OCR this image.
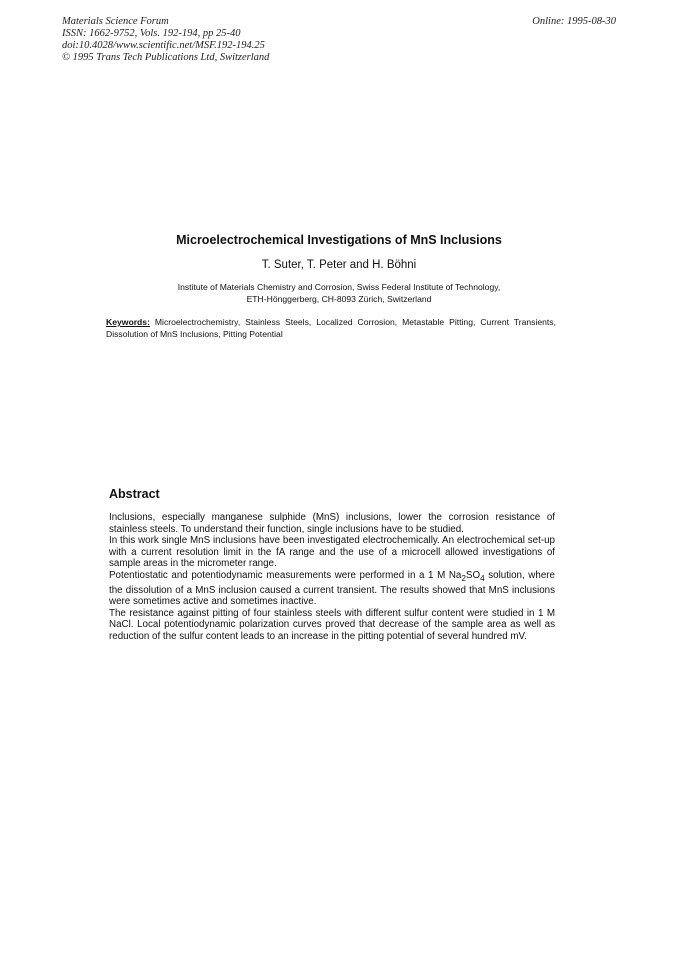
Materials Science Forum
ISSN: 1662-9752, Vols. 192-194, pp 25-40
doi:10.4028/www.scientific.net/MSF.192-194.25
© 1995 Trans Tech Publications Ltd, Switzerland
Online: 1995-08-30
Microelectrochemical Investigations of MnS Inclusions
T. Suter, T. Peter and H. Böhni
Institute of Materials Chemistry and Corrosion, Swiss Federal Institute of Technology,
ETH-Hönggerberg, CH-8093 Zürich, Switzerland
Keywords: Microelectrochemistry, Stainless Steels, Localized Corrosion, Metastable Pitting, Current Transients, Dissolution of MnS Inclusions, Pitting Potential
Abstract

Inclusions, especially manganese sulphide (MnS) inclusions, lower the corrosion resistance of stainless steels. To understand their function, single inclusions have to be studied.

In this work single MnS inclusions have been investigated electrochemically. An electrochemical set-up with a current resolution limit in the fA range and the use of a microcell allowed investigations of sample areas in the micrometer range.

Potentiostatic and potentiodynamic measurements were performed in a 1 M $Na_2SO_4$ solution, where the dissolution of a MnS inclusion caused a current transient. The results showed that MnS inclusions were sometimes active and sometimes inactive.

The resistance against pitting of four stainless steels with different sulfur content were studied in 1 M NaCl. Local potentiodynamic polarization curves proved that decrease of the sample area as well as reduction of the sulfur content leads to an increase in the pitting potential of several hundred mV.
